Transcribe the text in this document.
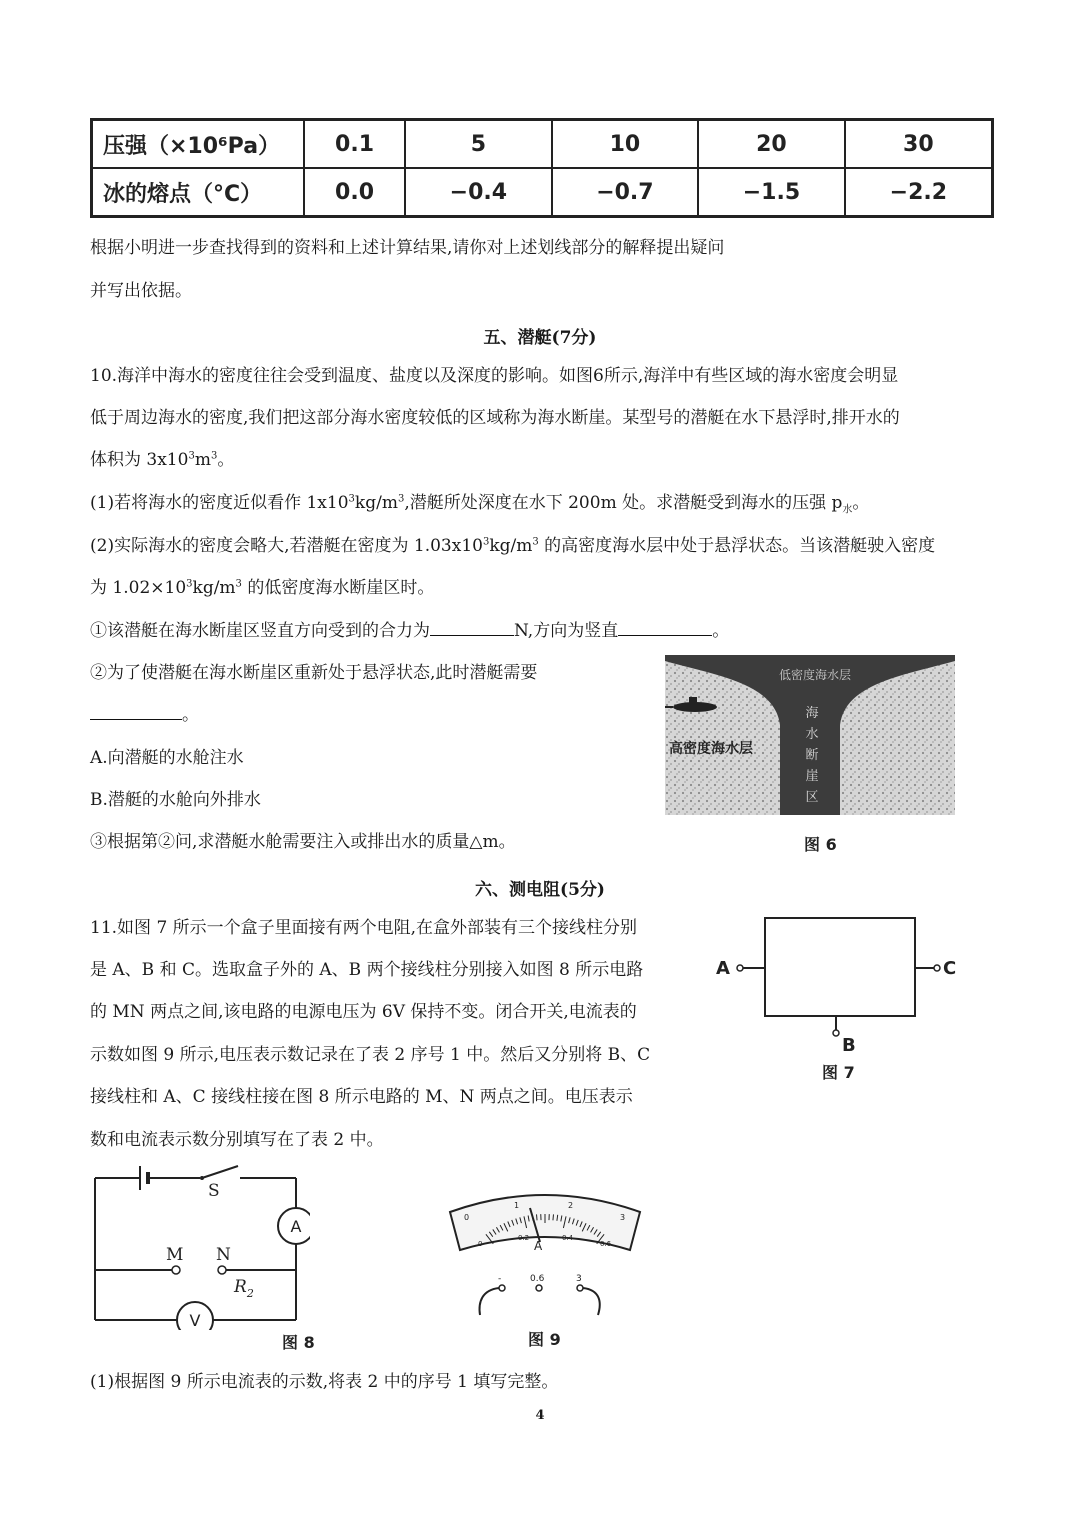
压强（×10⁶Pa）	0.1	5	10	20	30
冰的熔点（°C）	0.0	−0.4	−0.7	−1.5	−2.2
根据小明进一步查找得到的资料和上述计算结果,请你对上述划线部分的解释提出疑问
并写出依据。
五、潜艇(7分)
10.海洋中海水的密度往往会受到温度、盐度以及深度的影响。如图6所示,海洋中有些区域的海水密度会明显
低于周边海水的密度,我们把这部分海水密度较低的区域称为海水断崖。某型号的潜艇在水下悬浮时,排开水的
体积为 $3x10^3m^3$。
(1)若将海水的密度近似看作 $1x10^3kg/m^3$,潜艇所处深度在水下 200m 处。求潜艇受到海水的压强 $p_水$。
(2)实际海水的密度会略大,若潜艇在密度为 $1.03x10^3kg/m^3$ 的高密度海水层中处于悬浮状态。当该潜艇驶入密度
为 $1.02\times 10^3kg/m^3$ 的低密度海水断崖区时。
①该潜艇在海水断崖区竖直方向受到的合力为	N,方向为竖直	。
②为了使潜艇在海水断崖区重新处于悬浮状态,此时潜艇需要
。
A.向潜艇的水舱注水
B.潜艇的水舱向外排水
③根据第②问,求潜艇水舱需要注入或排出水的质量△m。
低密度海水层
海
水
断
崖
区
高密度海水层
图 6
六、测电阻(5分)
11.如图 7 所示一个盒子里面接有两个电阻,在盒外部装有三个接线柱分别
是 A、B 和 C。选取盒子外的 A、B 两个接线柱分别接入如图 8 所示电路
的 MN 两点之间,该电路的电源电压为 6V 保持不变。闭合开关,电流表的
示数如图 9 所示,电压表示数记录在了表 2 序号 1 中。然后又分别将 B、C
接线柱和 A、C 接线柱接在图 8 所示电路的 M、N 两点之间。电压表示
数和电流表示数分别填写在了表 2 中。
A	C
B
图 7
S
A
M N
$R_2$
V
图 8
0
1	2
3
0
0.2	0.4
0.6
A
-	0.6	3
图 9
(1)根据图 9 所示电流表的示数,将表 2 中的序号 1 填写完整。
4
